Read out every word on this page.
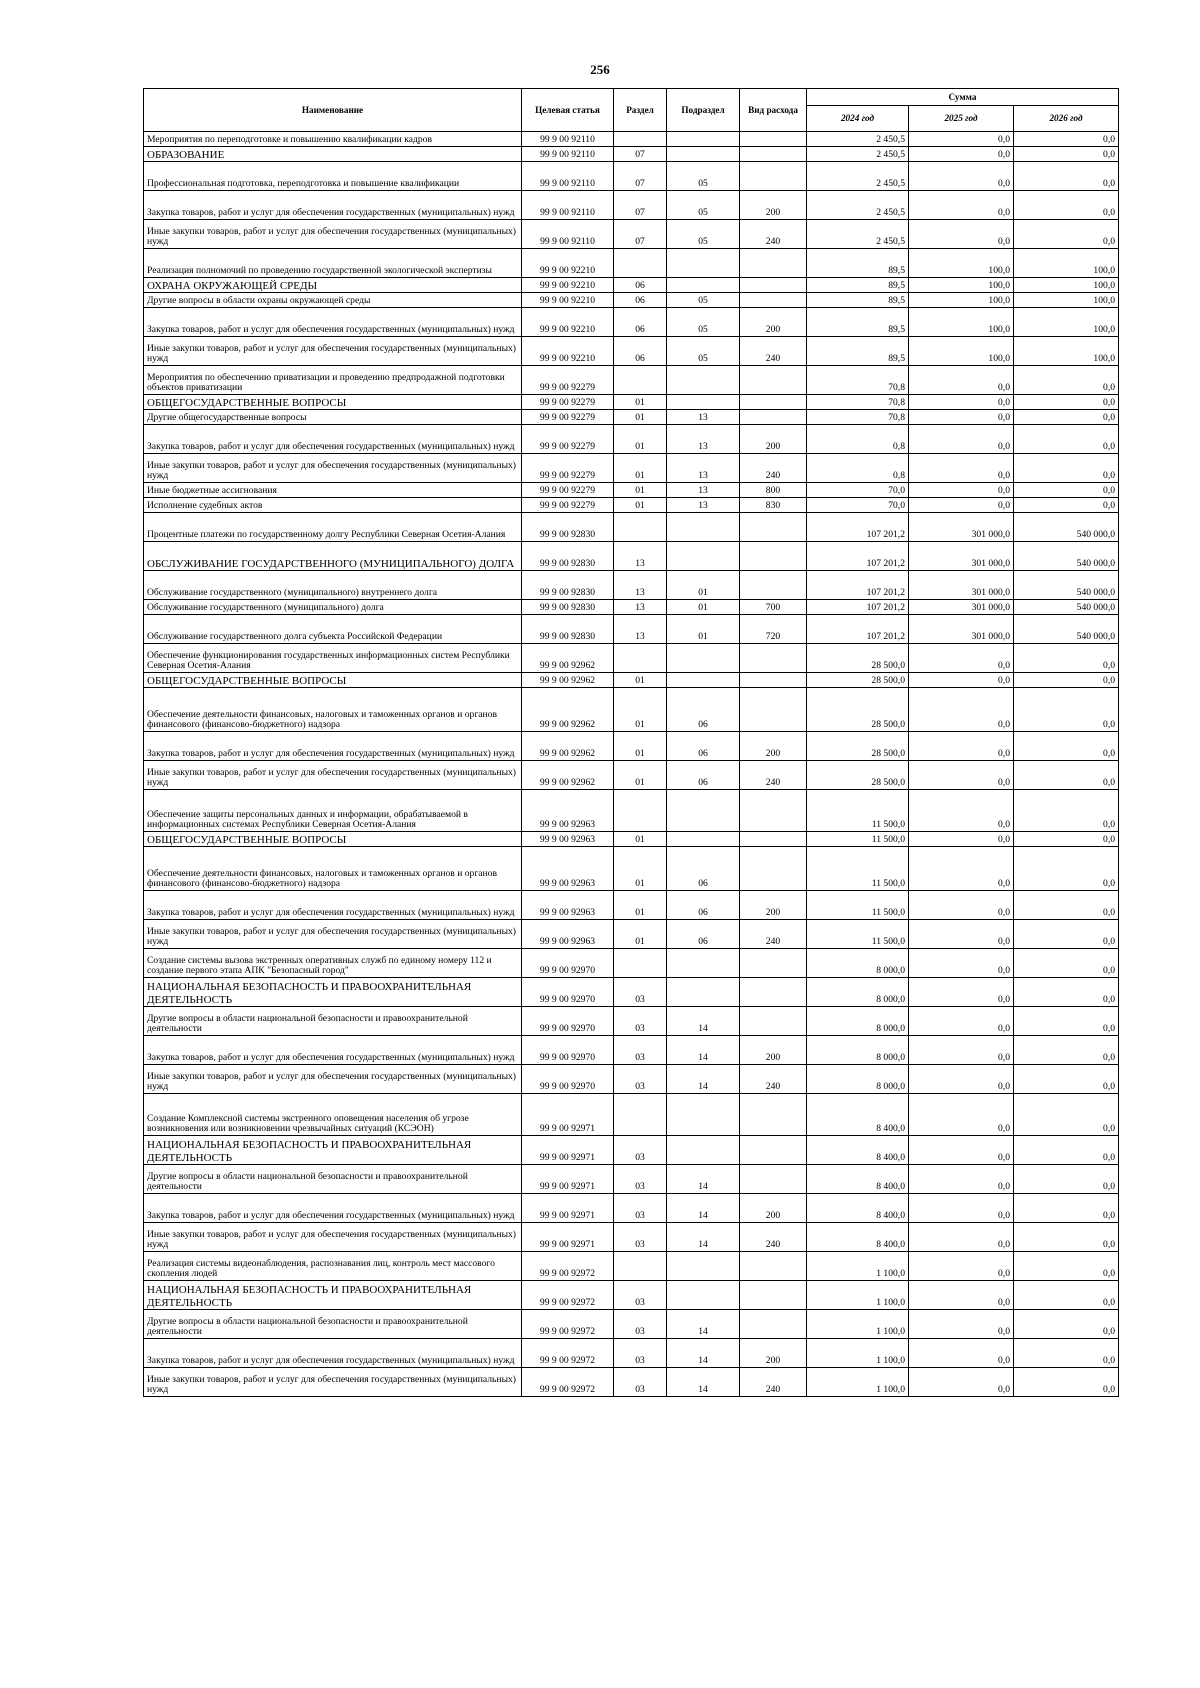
256
Наименование	Целевая статья	Раздел	Подраздел	Вид расхода	Сумма		
					2024 год	2025 год	2026 год
Мероприятия по переподготовке и повышению квалификации кадров	99 9 00 92110				2 450,5	0,0	0,0
ОБРАЗОВАНИЕ	99 9 00 92110	07			2 450,5	0,0	0,0
Профессиональная подготовка, переподготовка и повышение квалификации	99 9 00 92110	07	05		2 450,5	0,0	0,0
Закупка товаров, работ и услуг для обеспечения государственных (муниципальных) нужд	99 9 00 92110	07	05	200	2 450,5	0,0	0,0
Иные закупки товаров, работ и услуг для обеспечения государственных (муниципальных) нужд	99 9 00 92110	07	05	240	2 450,5	0,0	0,0
Реализация полномочий по проведению государственной экологической экспертизы	99 9 00 92210				89,5	100,0	100,0
ОХРАНА ОКРУЖАЮЩЕЙ СРЕДЫ	99 9 00 92210	06			89,5	100,0	100,0
Другие вопросы в области охраны окружающей среды	99 9 00 92210	06	05		89,5	100,0	100,0
Закупка товаров, работ и услуг для обеспечения государственных (муниципальных) нужд	99 9 00 92210	06	05	200	89,5	100,0	100,0
Иные закупки товаров, работ и услуг для обеспечения государственных (муниципальных) нужд	99 9 00 92210	06	05	240	89,5	100,0	100,0
Мероприятия по обеспечению приватизации и проведению предпродажной подготовки объектов приватизации	99 9 00 92279				70,8	0,0	0,0
ОБЩЕГОСУДАРСТВЕННЫЕ ВОПРОСЫ	99 9 00 92279	01			70,8	0,0	0,0
Другие общегосударственные вопросы	99 9 00 92279	01	13		70,8	0,0	0,0
Закупка товаров, работ и услуг для обеспечения государственных (муниципальных) нужд	99 9 00 92279	01	13	200	0,8	0,0	0,0
Иные закупки товаров, работ и услуг для обеспечения государственных (муниципальных) нужд	99 9 00 92279	01	13	240	0,8	0,0	0,0
Иные бюджетные ассигнования	99 9 00 92279	01	13	800	70,0	0,0	0,0
Исполнение судебных актов	99 9 00 92279	01	13	830	70,0	0,0	0,0
Процентные платежи по государственному долгу Республики Северная Осетия-Алания	99 9 00 92830				107 201,2	301 000,0	540 000,0
ОБСЛУЖИВАНИЕ ГОСУДАРСТВЕННОГО (МУНИЦИПАЛЬНОГО) ДОЛГА	99 9 00 92830	13			107 201,2	301 000,0	540 000,0
Обслуживание государственного (муниципального) внутреннего долга	99 9 00 92830	13	01		107 201,2	301 000,0	540 000,0
Обслуживание государственного (муниципального) долга	99 9 00 92830	13	01	700	107 201,2	301 000,0	540 000,0
Обслуживание государственного долга субъекта Российской Федерации	99 9 00 92830	13	01	720	107 201,2	301 000,0	540 000,0
Обеспечение функционирования государственных информационных систем Республики Северная Осетия-Алания	99 9 00 92962				28 500,0	0,0	0,0
ОБЩЕГОСУДАРСТВЕННЫЕ ВОПРОСЫ	99 9 00 92962	01			28 500,0	0,0	0,0
Обеспечение деятельности финансовых, налоговых и таможенных органов и органов финансового (финансово-бюджетного) надзора	99 9 00 92962	01	06		28 500,0	0,0	0,0
Закупка товаров, работ и услуг для обеспечения государственных (муниципальных) нужд	99 9 00 92962	01	06	200	28 500,0	0,0	0,0
Иные закупки товаров, работ и услуг для обеспечения государственных (муниципальных) нужд	99 9 00 92962	01	06	240	28 500,0	0,0	0,0
Обеспечение защиты персональных данных и информации, обрабатываемой в информационных системах Республики Северная Осетия-Алания	99 9 00 92963				11 500,0	0,0	0,0
ОБЩЕГОСУДАРСТВЕННЫЕ ВОПРОСЫ	99 9 00 92963	01			11 500,0	0,0	0,0
Обеспечение деятельности финансовых, налоговых и таможенных органов и органов финансового (финансово-бюджетного) надзора	99 9 00 92963	01	06		11 500,0	0,0	0,0
Закупка товаров, работ и услуг для обеспечения государственных (муниципальных) нужд	99 9 00 92963	01	06	200	11 500,0	0,0	0,0
Иные закупки товаров, работ и услуг для обеспечения государственных (муниципальных) нужд	99 9 00 92963	01	06	240	11 500,0	0,0	0,0
Создание системы вызова экстренных оперативных служб по единому номеру 112 и создание первого этапа АПК "Безопасный город"	99 9 00 92970				8 000,0	0,0	0,0
НАЦИОНАЛЬНАЯ БЕЗОПАСНОСТЬ И ПРАВООХРАНИТЕЛЬНАЯ ДЕЯТЕЛЬНОСТЬ	99 9 00 92970	03			8 000,0	0,0	0,0
Другие вопросы в области национальной безопасности и правоохранительной деятельности	99 9 00 92970	03	14		8 000,0	0,0	0,0
Закупка товаров, работ и услуг для обеспечения государственных (муниципальных) нужд	99 9 00 92970	03	14	200	8 000,0	0,0	0,0
Иные закупки товаров, работ и услуг для обеспечения государственных (муниципальных) нужд	99 9 00 92970	03	14	240	8 000,0	0,0	0,0
Создание Комплексной системы экстренного оповещения населения об угрозе возникновения или возникновении чрезвычайных ситуаций (КСЭОН)	99 9 00 92971				8 400,0	0,0	0,0
НАЦИОНАЛЬНАЯ БЕЗОПАСНОСТЬ И ПРАВООХРАНИТЕЛЬНАЯ ДЕЯТЕЛЬНОСТЬ	99 9 00 92971	03			8 400,0	0,0	0,0
Другие вопросы в области национальной безопасности и правоохранительной деятельности	99 9 00 92971	03	14		8 400,0	0,0	0,0
Закупка товаров, работ и услуг для обеспечения государственных (муниципальных) нужд	99 9 00 92971	03	14	200	8 400,0	0,0	0,0
Иные закупки товаров, работ и услуг для обеспечения государственных (муниципальных) нужд	99 9 00 92971	03	14	240	8 400,0	0,0	0,0
Реализация системы видеонаблюдения, распознавания лиц, контроль мест массового скопления людей	99 9 00 92972				1 100,0	0,0	0,0
НАЦИОНАЛЬНАЯ БЕЗОПАСНОСТЬ И ПРАВООХРАНИТЕЛЬНАЯ ДЕЯТЕЛЬНОСТЬ	99 9 00 92972	03			1 100,0	0,0	0,0
Другие вопросы в области национальной безопасности и правоохранительной деятельности	99 9 00 92972	03	14		1 100,0	0,0	0,0
Закупка товаров, работ и услуг для обеспечения государственных (муниципальных) нужд	99 9 00 92972	03	14	200	1 100,0	0,0	0,0
Иные закупки товаров, работ и услуг для обеспечения государственных (муниципальных) нужд	99 9 00 92972	03	14	240	1 100,0	0,0	0,0
